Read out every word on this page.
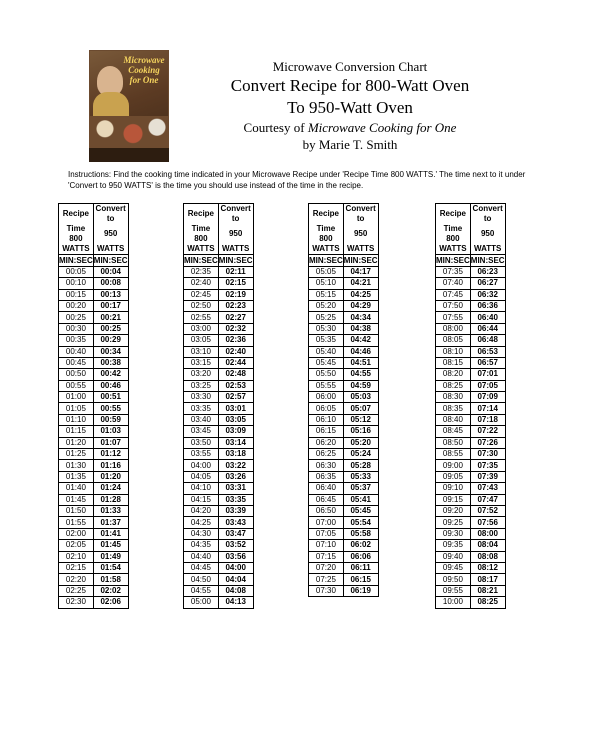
Microwave Cooking for One
Microwave Conversion Chart
Convert Recipe for 800-Watt Oven
To 950-Watt Oven
Courtesy of Microwave Cooking for One
by Marie T. Smith
Instructions: Find the cooking time indicated in your Microwave Recipe under 'Recipe Time 800 WATTS.' The time next to it under 'Convert to 950 WATTS' is the time you should use instead of the time in the recipe.
Recipe	Convert to
Time 800	950
WATTS	WATTS
MIN:SEC	MIN:SEC
00:05	00:04
00:10	00:08
00:15	00:13
00:20	00:17
00:25	00:21
00:30	00:25
00:35	00:29
00:40	00:34
00:45	00:38
00:50	00:42
00:55	00:46
01:00	00:51
01:05	00:55
01:10	00:59
01:15	01:03
01:20	01:07
01:25	01:12
01:30	01:16
01:35	01:20
01:40	01:24
01:45	01:28
01:50	01:33
01:55	01:37
02:00	01:41
02:05	01:45
02:10	01:49
02:15	01:54
02:20	01:58
02:25	02:02
02:30	02:06
Recipe	Convert to
Time 800	950
WATTS	WATTS
MIN:SEC	MIN:SEC
02:35	02:11
02:40	02:15
02:45	02:19
02:50	02:23
02:55	02:27
03:00	02:32
03:05	02:36
03:10	02:40
03:15	02:44
03:20	02:48
03:25	02:53
03:30	02:57
03:35	03:01
03:40	03:05
03:45	03:09
03:50	03:14
03:55	03:18
04:00	03:22
04:05	03:26
04:10	03:31
04:15	03:35
04:20	03:39
04:25	03:43
04:30	03:47
04:35	03:52
04:40	03:56
04:45	04:00
04:50	04:04
04:55	04:08
05:00	04:13
Recipe	Convert to
Time 800	950
WATTS	WATTS
MIN:SEC	MIN:SEC
05:05	04:17
05:10	04:21
05:15	04:25
05:20	04:29
05:25	04:34
05:30	04:38
05:35	04:42
05:40	04:46
05:45	04:51
05:50	04:55
05:55	04:59
06:00	05:03
06:05	05:07
06:10	05:12
06:15	05:16
06:20	05:20
06:25	05:24
06:30	05:28
06:35	05:33
06:40	05:37
06:45	05:41
06:50	05:45
07:00	05:54
07:05	05:58
07:10	06:02
07:15	06:06
07:20	06:11
07:25	06:15
07:30	06:19
Recipe	Convert to
Time 800	950
WATTS	WATTS
MIN:SEC	MIN:SEC
07:35	06:23
07:40	06:27
07:45	06:32
07:50	06:36
07:55	06:40
08:00	06:44
08:05	06:48
08:10	06:53
08:15	06:57
08:20	07:01
08:25	07:05
08:30	07:09
08:35	07:14
08:40	07:18
08:45	07:22
08:50	07:26
08:55	07:30
09:00	07:35
09:05	07:39
09:10	07:43
09:15	07:47
09:20	07:52
09:25	07:56
09:30	08:00
09:35	08:04
09:40	08:08
09:45	08:12
09:50	08:17
09:55	08:21
10:00	08:25
